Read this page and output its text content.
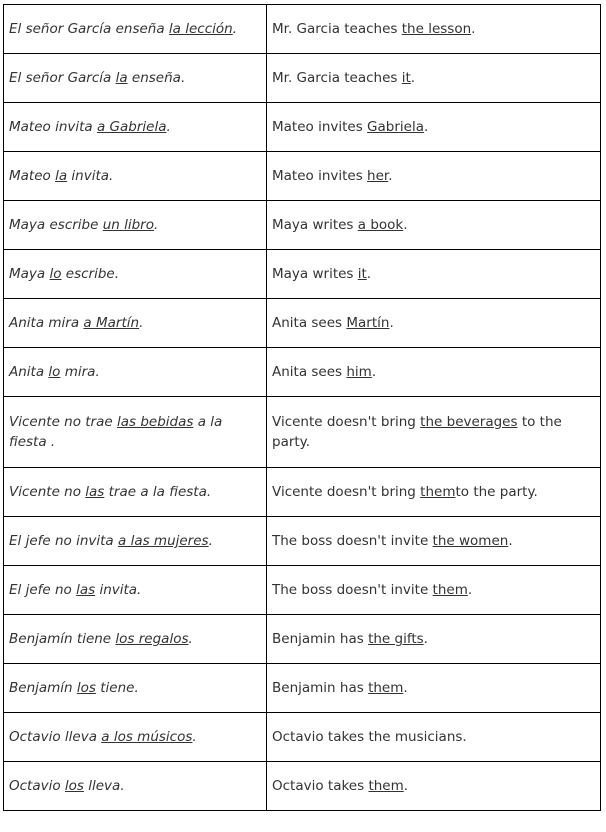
El señor García enseña la lección.	Mr. Garcia teaches the lesson.
El señor García la enseña.	Mr. Garcia teaches it.
Mateo invita a Gabriela.	Mateo invites Gabriela.
Mateo la invita.	Mateo invites her.
Maya escribe un libro.	Maya writes a book.
Maya lo escribe.	Maya writes it.
Anita mira a Martín.	Anita sees Martín.
Anita lo mira.	Anita sees him.
Vicente no trae las bebidas a la fiesta .	Vicente doesn't bring the beverages to the party.
Vicente no las trae a la fiesta.	Vicente doesn't bring themto the party.
El jefe no invita a las mujeres.	The boss doesn't invite the women.
El jefe no las invita.	The boss doesn't invite them.
Benjamín tiene los regalos.	Benjamin has the gifts.
Benjamín los tiene.	Benjamin has them.
Octavio lleva a los músicos.	Octavio takes the musicians.
Octavio los lleva.	Octavio takes them.
